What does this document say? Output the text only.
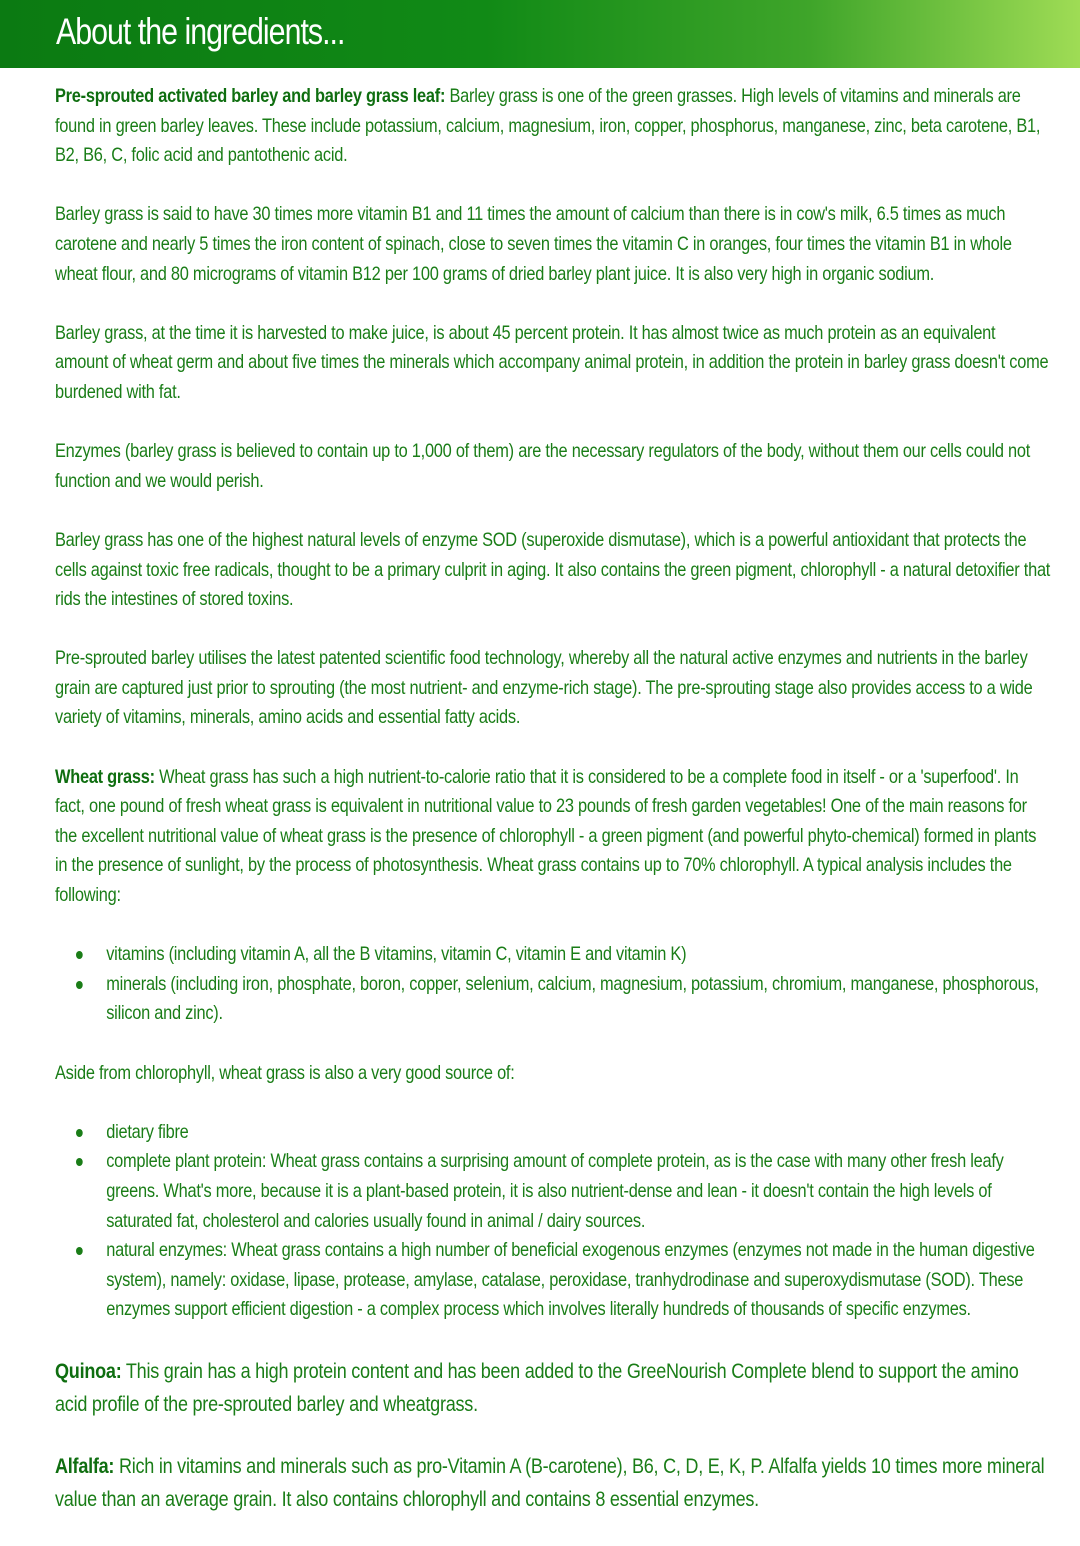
About the ingredients...

Pre-sprouted activated barley and barley grass leaf: Barley grass is one of the green grasses. High levels of vitamins and minerals are found in green barley leaves. These include potassium, calcium, magnesium, iron, copper, phosphorus, manganese, zinc, beta carotene, B1, B2, B6, C, folic acid and pantothenic acid.

Barley grass is said to have 30 times more vitamin B1 and 11 times the amount of calcium than there is in cow's milk, 6.5 times as much carotene and nearly 5 times the iron content of spinach, close to seven times the vitamin C in oranges, four times the vitamin B1 in whole wheat flour, and 80 micrograms of vitamin B12 per 100 grams of dried barley plant juice. It is also very high in organic sodium.

Barley grass, at the time it is harvested to make juice, is about 45 percent protein. It has almost twice as much protein as an equivalent amount of wheat germ and about five times the minerals which accompany animal protein, in addition the protein in barley grass doesn't come burdened with fat.

Enzymes (barley grass is believed to contain up to 1,000 of them) are the necessary regulators of the body, without them our cells could not function and we would perish.

Barley grass has one of the highest natural levels of enzyme SOD (superoxide dismutase), which is a powerful antioxidant that protects the cells against toxic free radicals, thought to be a primary culprit in aging. It also contains the green pigment, chlorophyll - a natural detoxifier that rids the intestines of stored toxins.

Pre-sprouted barley utilises the latest patented scientific food technology, whereby all the natural active enzymes and nutrients in the barley grain are captured just prior to sprouting (the most nutrient- and enzyme-rich stage). The pre-sprouting stage also provides access to a wide variety of vitamins, minerals, amino acids and essential fatty acids.

Wheat grass: Wheat grass has such a high nutrient-to-calorie ratio that it is considered to be a complete food in itself - or a 'superfood'. In fact, one pound of fresh wheat grass is equivalent in nutritional value to 23 pounds of fresh garden vegetables! One of the main reasons for the excellent nutritional value of wheat grass is the presence of chlorophyll - a green pigment (and powerful phyto-chemical) formed in plants in the presence of sunlight, by the process of photosynthesis. Wheat grass contains up to 70% chlorophyll. A typical analysis includes the following:

vitamins (including vitamin A, all the B vitamins, vitamin C, vitamin E and vitamin K)
minerals (including iron, phosphate, boron, copper, selenium, calcium, magnesium, potassium, chromium, manganese, phosphorous, silicon and zinc).

Aside from chlorophyll, wheat grass is also a very good source of:

dietary fibre
complete plant protein: Wheat grass contains a surprising amount of complete protein, as is the case with many other fresh leafy greens. What's more, because it is a plant-based protein, it is also nutrient-dense and lean - it doesn't contain the high levels of saturated fat, cholesterol and calories usually found in animal / dairy sources.
natural enzymes: Wheat grass contains a high number of beneficial exogenous enzymes (enzymes not made in the human digestive system), namely: oxidase, lipase, protease, amylase, catalase, peroxidase, tranhydrodinase and superoxydismutase (SOD). These enzymes support efficient digestion - a complex process which involves literally hundreds of thousands of specific enzymes.

Quinoa: This grain has a high protein content and has been added to the GreeNourish Complete blend to support the amino acid profile of the pre-sprouted barley and wheatgrass.

Alfalfa: Rich in vitamins and minerals such as pro-Vitamin A (B-carotene), B6, C, D, E, K, P. Alfalfa yields 10 times more mineral value than an average grain. It also contains chlorophyll and contains 8 essential enzymes.
